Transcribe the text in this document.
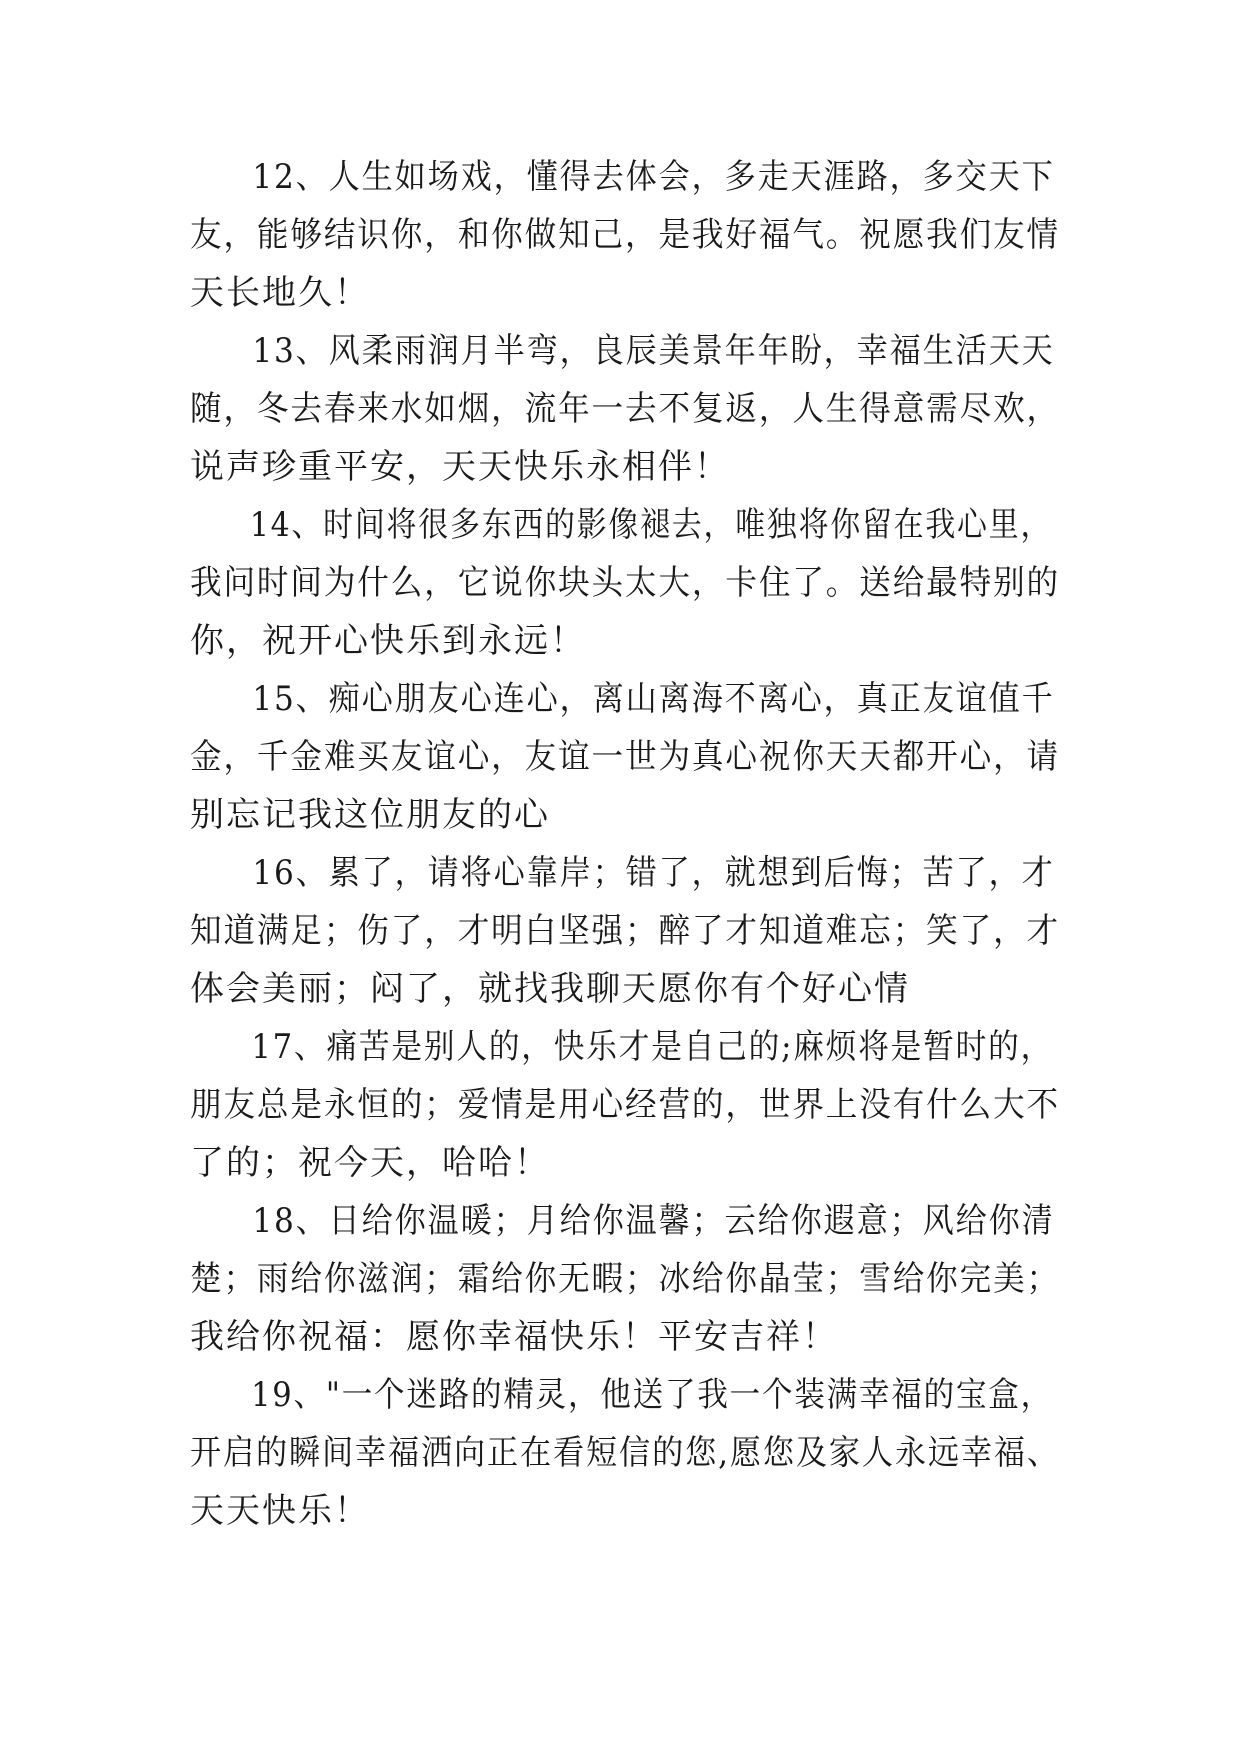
12、人生如场戏，懂得去体会，多走天涯路，多交天下
友，能够结识你，和你做知己，是我好福气。祝愿我们友情
天长地久！

13、风柔雨润月半弯，良辰美景年年盼，幸福生活天天
随，冬去春来水如烟，流年一去不复返，人生得意需尽欢，
说声珍重平安，天天快乐永相伴！

14、时间将很多东西的影像褪去，唯独将你留在我心里，
我问时间为什么，它说你块头太大，卡住了。送给最特别的
你，祝开心快乐到永远！

15、痴心朋友心连心，离山离海不离心，真正友谊值千
金，千金难买友谊心，友谊一世为真心祝你天天都开心，请
别忘记我这位朋友的心

16、累了，请将心靠岸；错了，就想到后悔；苦了，才
知道满足；伤了，才明白坚强；醉了才知道难忘；笑了，才
体会美丽；闷了，就找我聊天愿你有个好心情

17、痛苦是别人的，快乐才是自己的;麻烦将是暂时的，
朋友总是永恒的；爱情是用心经营的，世界上没有什么大不
了的；祝今天，哈哈！

18、日给你温暖；月给你温馨；云给你遐意；风给你清
楚；雨给你滋润；霜给你无暇；冰给你晶莹；雪给你完美；
我给你祝福：愿你幸福快乐！平安吉祥！

19、"一个迷路的精灵，他送了我一个装满幸福的宝盒，
开启的瞬间幸福洒向正在看短信的您,愿您及家人永远幸福、
天天快乐！
